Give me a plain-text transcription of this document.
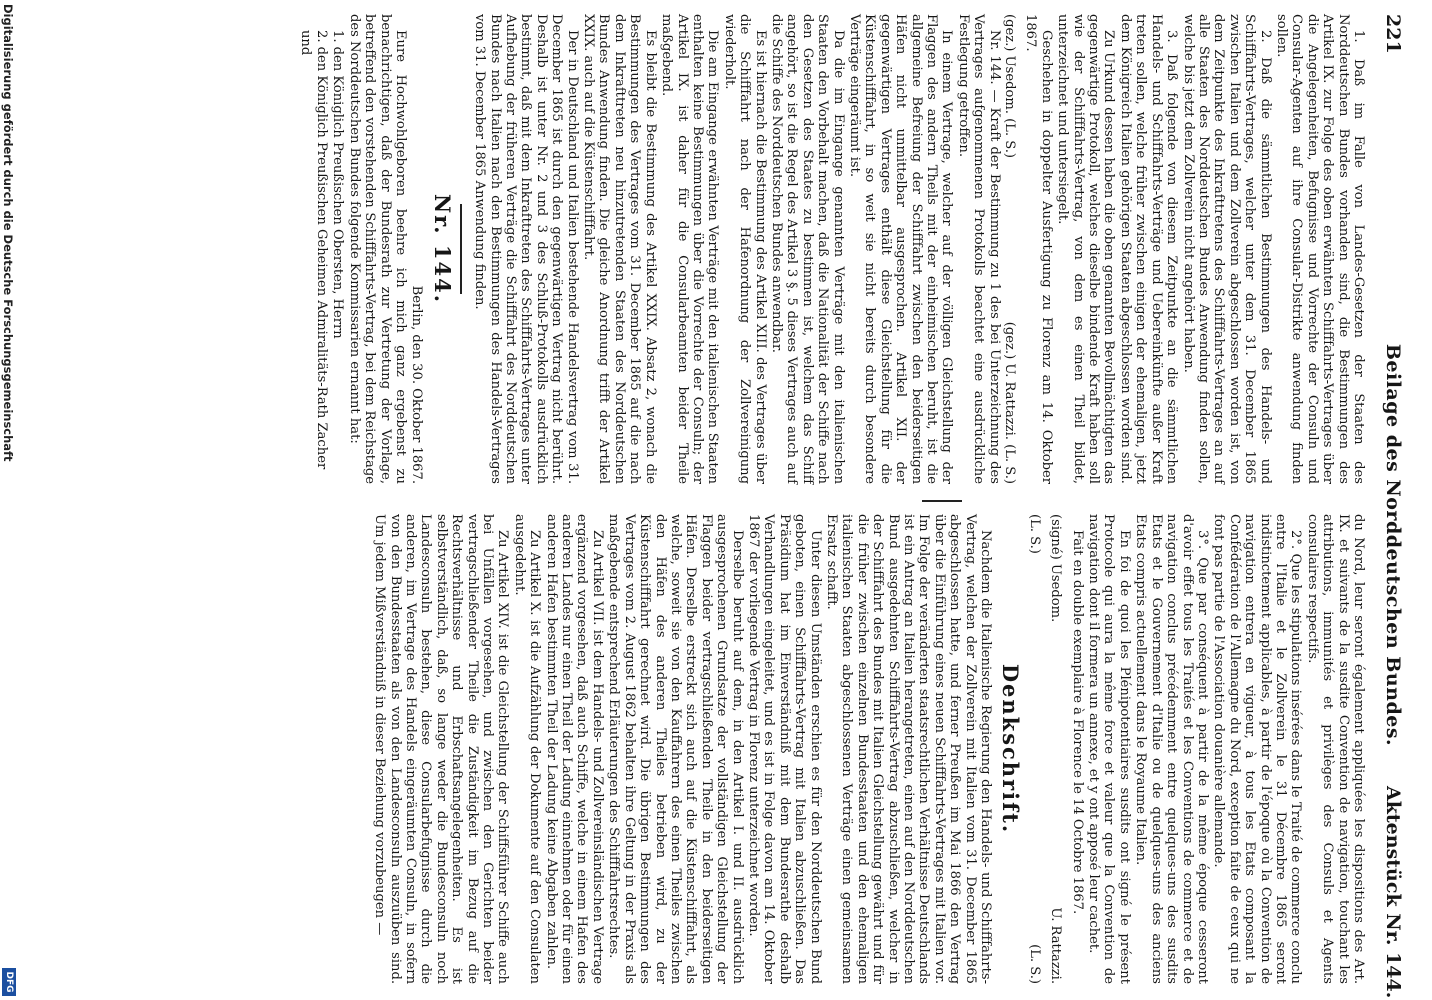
221
Beilage des Norddeutschen Bundes.
Aktenstück Nr. 144.

1. Daß im Falle von Landes-Gesetzen der Staaten des Norddeutschen Bundes vorhanden sind, die Bestimmungen des Artikel IX. zur Folge des oben erwähnten Schifffahrts-Vertrages über die Angelegenheiten, Befugnisse und Vorrechte der Consuln und Consular-Agenten auf ihre Consular-Distrikte anwendung finden sollen.

2. Daß die sämmtlichen Bestimmungen des Handels- und Schifffahrts-Vertrages, welcher unter dem 31. December 1865 zwischen Italien und dem Zollverein abgeschlossen worden ist, von dem Zeitpunkte des Inkrafttretens des Schifffahrts-Vertrages an auf alle Staaten des Norddeutschen Bundes Anwendung finden sollen, welche bis jetzt dem Zollverein nicht angehört haben.

3. Daß folgende von diesem Zeitpunkte an die sämmtlichen Handels- und Schifffahrts-Verträge und Uebereinkünfte außer Kraft treten sollen, welche früher zwischen einigen der ehemaligen, jetzt dem Königreich Italien gehörigen Staaten abgeschlossen worden sind.

Zu Urkund dessen haben die oben genannten Bevollmächtigten das gegenwärtige Protokoll, welches dieselbe bindende Kraft haben soll wie der Schifffahrts-Vertrag, von dem es einen Theil bildet, unterzeichnet und untersiegelt.

Geschehen in doppelter Ausfertigung zu Florenz am 14. Oktober 1867.

(gez.) Usedom. (L. S.)
(gez.) U. Rattazzi. (L. S.)

Nr. 144. — Kraft der Bestimmung zu 1 des bei Unterzeichnung des Vertrages aufgenommenen Protokolls beachtet eine ausdrückliche Festlegung getroffen.

In einem Vertrage, welcher auf der völligen Gleichstellung der Flaggen des andern Theils mit der einheimischen beruht, ist die allgemeine Befreiung der Schifffahrt zwischen den beiderseitigen Häfen nicht unmittelbar ausgesprochen. Artikel XII. der gegenwärtigen Vertrages enthält diese Gleichstellung für die Küstenschifffahrt, in so weit sie nicht bereits durch besondere Verträge eingeräumt ist.

Da die im Eingange genannten Verträge mit den italienischen Staaten den Vorbehalt machen, daß die Nationalität der Schiffe nach den Gesetzen des Staates zu bestimmen ist, welchem das Schiff angehört, so ist die Regel des Artikel 3 §. 5 dieses Vertrages auch auf die Schiffe des Norddeutschen Bundes anwendbar.

Es ist hiernach die Bestimmung des Artikel XIII. des Vertrages über die Schifffahrt nach der Hafenordnung der Zollvereinigung wiederholt.

Die am Eingange erwähnten Verträge mit den italienischen Staaten enthalten keine Bestimmungen über die Vorrechte der Consuln; der Artikel IX. ist daher für die Consularbeamten beider Theile maßgebend.

Es bleibt die Bestimmung des Artikel XXIX. Absatz 2, wonach die Bestimmungen des Vertrages vom 31. December 1865 auf die nach dem Inkrafttreten neu hinzutretenden Staaten des Norddeutschen Bundes Anwendung finden. Die gleiche Anordnung trifft der Artikel XXIX. auch auf die Küstenschifffahrt.

Der in Deutschland und Italien bestehende Handelsvertrag vom 31. December 1865 ist durch den gegenwärtigen Vertrag nicht berührt. Deshalb ist unter Nr. 2 und 3 des Schluß-Protokolls ausdrücklich bestimmt, daß mit dem Inkrafttreten des Schifffahrts-Vertrages unter Aufhebung der früheren Verträge die Schifffahrt des Norddeutschen Bundes nach Italien nach den Bestimmungen des Handels-Vertrages vom 31. December 1865 Anwendung finden.

Nr. 144.

Berlin, den 30. Oktober 1867.

Eure Hochwohlgeboren beehre ich mich ganz ergebenst zu benachrichtigen, daß der Bundesrath zur Vertretung der Vorlage, betreffend den vorstehenden Schifffahrts-Vertrag, bei dem Reichstage des Norddeutschen Bundes folgende Kommissarien ernannt hat:

1. den Königlich Preußischen Obersten, Herrn

2. den Königlich Preußischen Geheimen Admiralitäts-Rath Zacher

und

du Nord, leur seront également appliquées les dispositions des Art. IX. et suivants de la susdite Convention de navigation, touchant les attributions, immunités et privilèges des Consuls et Agents consulaires respectifs.

2°. Que les stipulations insérées dans le Traité de commerce conclu entre l'Italie et le Zollverein le 31 Décembre 1865 seront indistinctement applicables, à partir de l'époque où la Convention de navigation entrera en vigueur, à tous les Etats composant la Confédération de l'Allemagne du Nord, exception faite de ceux qui ne font pas partie de l'Association douanière allemande.

3°. Que par conséquent à partir de la même époque cesseront d'avoir effet tous les Traités et les Conventions de commerce et de navigation conclus précédemment entre quelques-uns des susdits Etats et le Gouvernement d'Italie ou de quelques-uns des anciens Etats compris actuellement dans le Royaume Italien.

En foi de quoi les Plénipotentiaires susdits ont signé le présent Protocole qui aura la même force et valeur que la Convention de navigation dont il formera un annexe, et y ont apposé leur cachet.

Fait en double exemplaire à Florence le 14 Octobre 1867.

(signé) Usedom.
U. Rattazzi.
(L. S.)
(L. S.)
Denkschrift.

Nachdem die Italienische Regierung den Handels- und Schifffahrts-Vertrag, welchen der Zollverein mit Italien vom 31. December 1865 abgeschlossen hatte, und ferner Preußen im Mai 1866 den Vertrag über die Einführung eines neuen Schifffahrts-Vertrages mit Italien vor. Im Folge der veränderten staatsrechtlichen Verhältnisse Deutschlands ist ein Antrag an Italien herangetreten, einen auf den Norddeutschen Bund ausgedehnten Schifffahrts-Vertrag abzuschließen, welcher in der Schifffahrt des Bundes mit Italien Gleichstellung gewährt und für die früher zwischen einzelnen Bundesstaaten und den ehemaligen italienischen Staaten abgeschlossenen Verträge einen gemeinsamen Ersatz schafft.

Unter diesen Umständen erschien es für den Norddeutschen Bund geboten, einen Schifffahrts-Vertrag mit Italien abzuschließen. Das Präsidium hat im Einverständniß mit dem Bundesrathe deshalb Verhandlungen eingeleitet, und es ist in Folge davon am 14. Oktober 1867 der vorliegende Vertrag in Florenz unterzeichnet worden.

Derselbe beruht auf dem, in den Artikel I. und II. ausdrücklich ausgesprochenen Grundsatze der vollständigen Gleichstellung der Flaggen beider vertragschließenden Theile in den beiderseitigen Häfen. Derselbe erstreckt sich auch auf die Küstenschifffahrt, als welche, soweit sie von den Kauffahrern des einen Theiles zwischen den Häfen des anderen Theiles betrieben wird, zu der Küstenschifffahrt gerechnet wird. Die übrigen Bestimmungen des Vertrages vom 2. August 1862 behalten ihre Geltung in der Praxis als maßgebende entsprechend Erläuterungen des Schifffahrtsrechtes.

Zu Artikel VII. ist dem Handels- und Zollvereinsländischen Vertrage ergänzend vorgesehen, daß auch Schiffe, welche in einem Hafen des anderen Landes nur einen Theil der Ladung einnehmen oder für einen anderen Hafen bestimmten Theil der Ladung keine Abgaben zahlen.

Zu Artikel X. ist die Aufzählung der Dokumente auf den Consulaten ausgedehnt.

Zu Artikel XIV. ist die Gleichstellung der Schiffsführer Schiffe auch bei Unfällen vorgesehen, und zwischen den Gerichten beider vertragschließender Theile die Zuständigkeit im Bezug auf die Rechtsverhältnisse und Erbschaftsangelegenheiten. Es ist selbstverständlich, daß, so lange weder die Bundesconsuln noch Landesconsuln bestehen, diese Consularbefugnisse durch die anderen, im Vertrage des Handels eingeräumten Consuln, in sofern von den Bundesstaaten als von den Landesconsuln auszuüben sind. Um jedem Mißverständniß in dieser Beziehung vorzubeugen —

Digitalisierung gefördert durch die Deutsche Forschungsgemeinschaft
DFG
